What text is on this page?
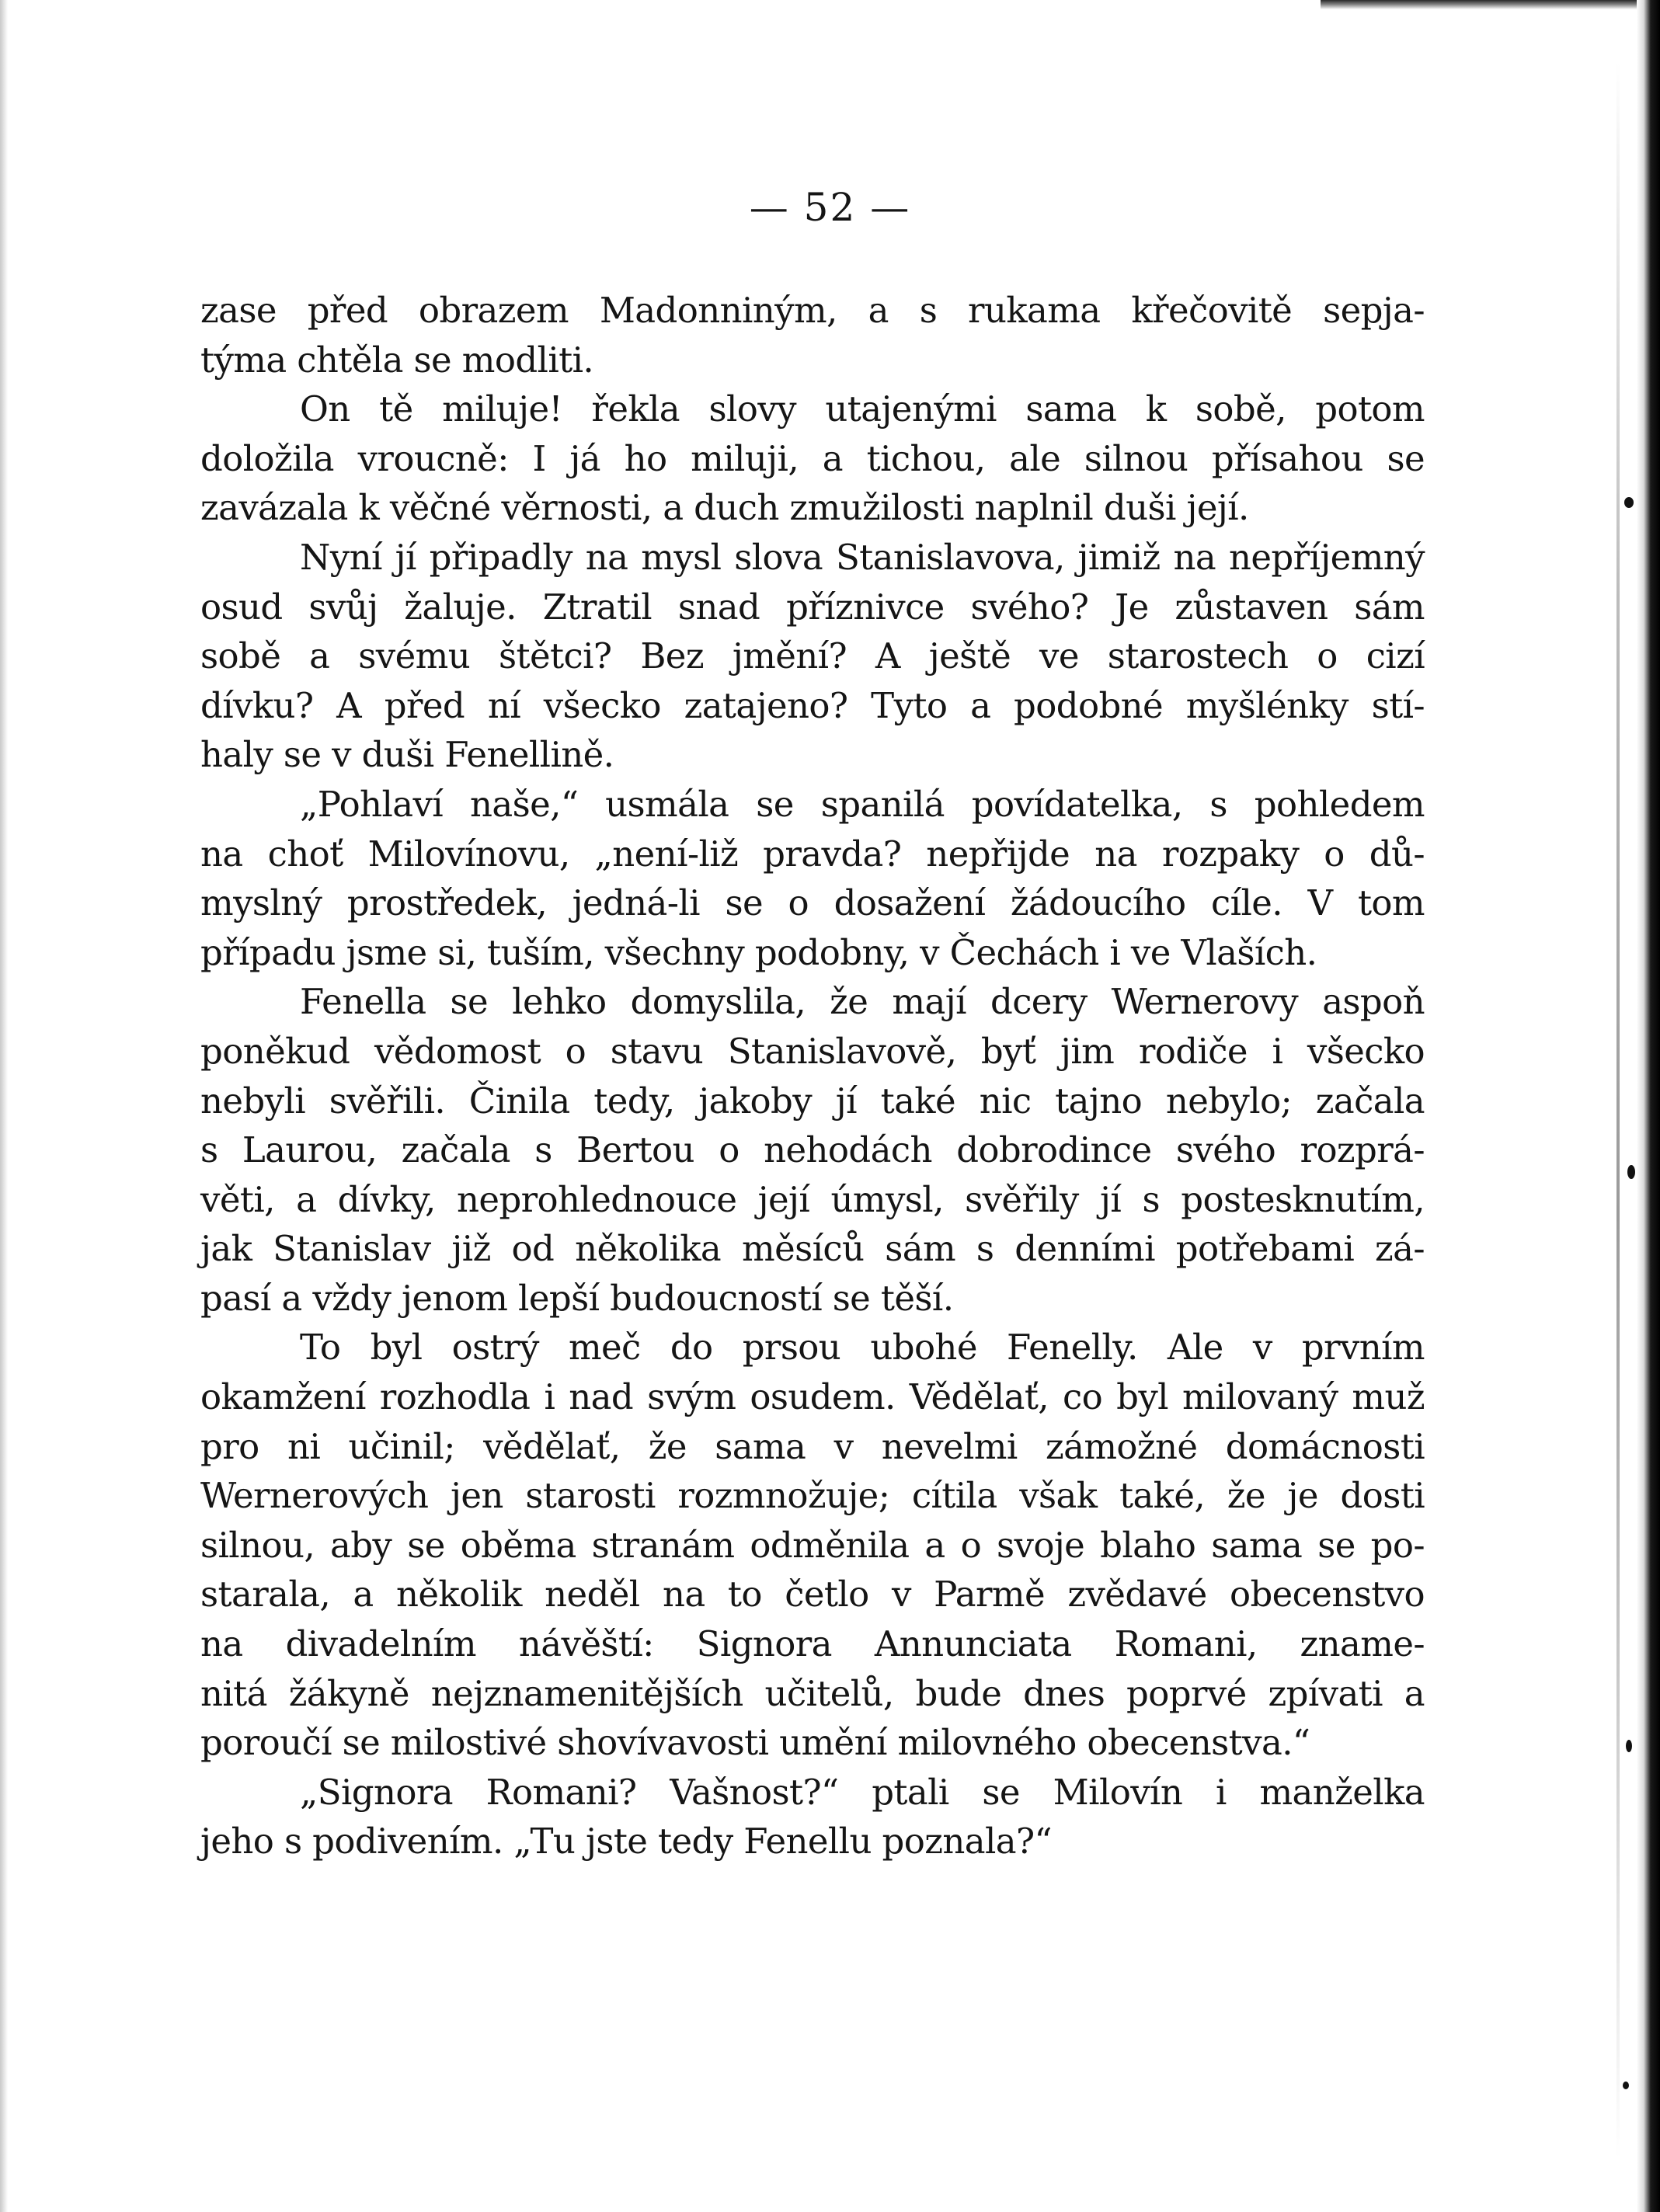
— 52 —

zase před obrazem Madonniným, a s rukama křečovitě sepja-
týma chtěla se modliti.
On tě miluje! řekla slovy utajenými sama k sobě, potom
doložila vroucně: I já ho miluji, a tichou, ale silnou přísahou se
zavázala k věčné věrnosti, a duch zmužilosti naplnil duši její.
Nyní jí připadly na mysl slova Stanislavova, jimiž na nepříjemný
osud svůj žaluje. Ztratil snad příznivce svého? Je zůstaven sám
sobě a svému štětci? Bez jmění? A ještě ve starostech o cizí
dívku? A před ní všecko zatajeno? Tyto a podobné myšlénky stí-
haly se v duši Fenellině.
„Pohlaví naše,“ usmála se spanilá povídatelka, s pohledem
na choť Milovínovu, „není-liž pravda? nepřijde na rozpaky o dů-
myslný prostředek, jedná-li se o dosažení žádoucího cíle. V tom
případu jsme si, tuším, všechny podobny, v Čechách i ve Vlaších.
Fenella se lehko domyslila, že mají dcery Wernerovy aspoň
poněkud vědomost o stavu Stanislavově, byť jim rodiče i všecko
nebyli svěřili. Činila tedy, jakoby jí také nic tajno nebylo; začala
s Laurou, začala s Bertou o nehodách dobrodince svého rozprá-
věti, a dívky, neprohlednouce její úmysl, svěřily jí s postesknutím,
jak Stanislav již od několika měsíců sám s denními potřebami zá-
pasí a vždy jenom lepší budoucností se těší.
To byl ostrý meč do prsou ubohé Fenelly. Ale v prvním
okamžení rozhodla i nad svým osudem. Vědělať, co byl milovaný muž
pro ni učinil; vědělať, že sama v nevelmi zámožné domácnosti
Wernerových jen starosti rozmnožuje; cítila však také, že je dosti
silnou, aby se oběma stranám odměnila a o svoje blaho sama se po-
starala, a několik neděl na to četlo v Parmě zvědavé obecenstvo
na divadelním návěští: Signora Annunciata Romani, zname-
nitá žákyně nejznamenitějších učitelů, bude dnes poprvé zpívati a
poroučí se milostivé shovívavosti umění milovného obecenstva.“
„Signora Romani? Vašnost?“ ptali se Milovín i manželka
jeho s podivením. „Tu jste tedy Fenellu poznala?“
